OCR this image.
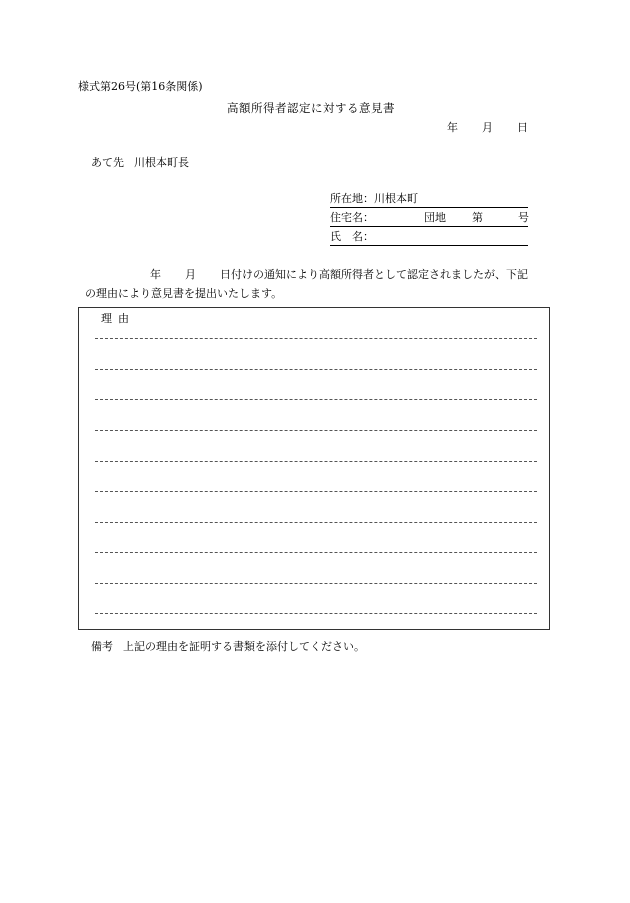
様式第26号(第16条関係)
高額所得者認定に対する意見書
年 月 日
あて先 川根本町長
所在地：川根本町
住宅名：	団地 第	号
氏　名：
年 月 日付けの通知により高額所得者として認定されましたが、下記
の理由により意見書を提出いたします。
理由
備考 上記の理由を証明する書類を添付してください。
